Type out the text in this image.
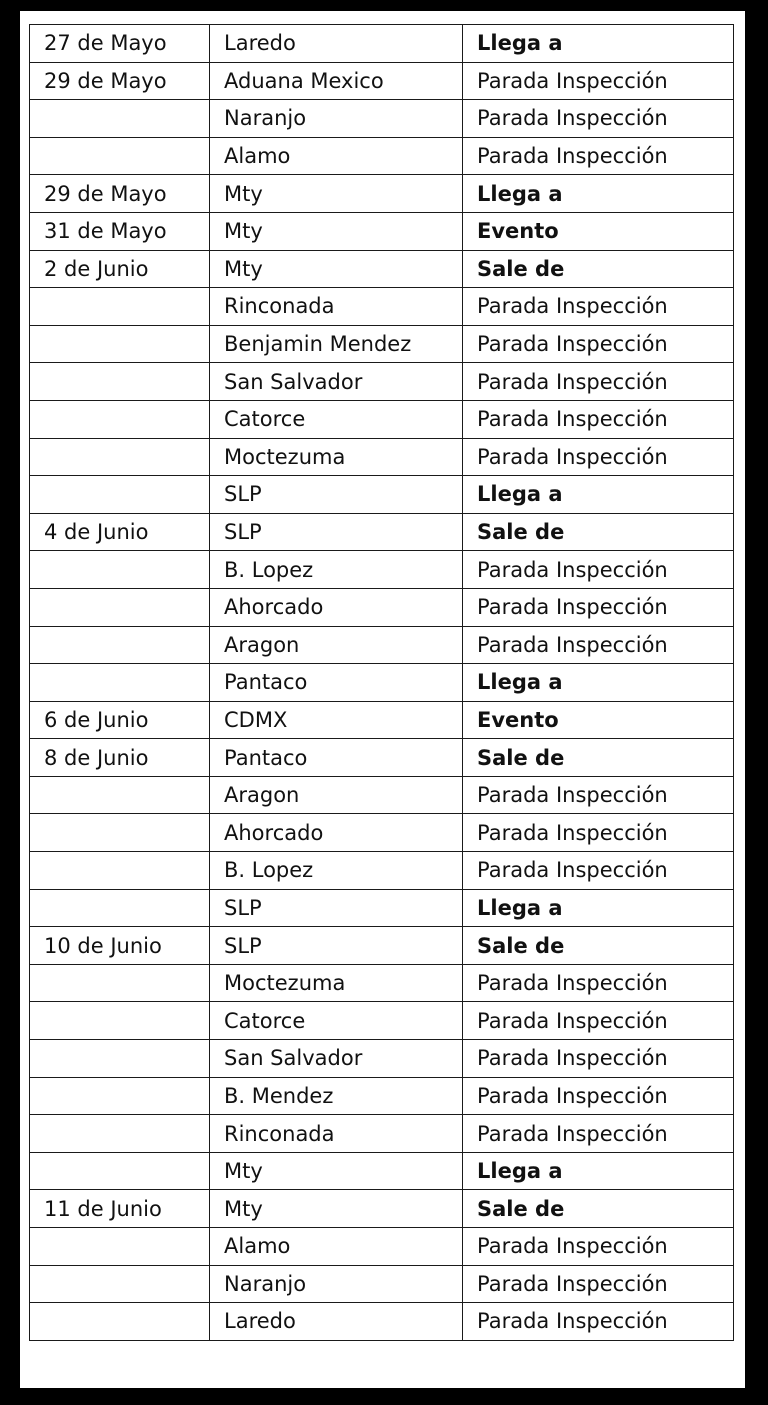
27 de Mayo	Laredo	Llega a
29 de Mayo	Aduana Mexico	Parada Inspección
	Naranjo	Parada Inspección
	Alamo	Parada Inspección
29 de Mayo	Mty	Llega a
31 de Mayo	Mty	Evento
2 de Junio	Mty	Sale de
	Rinconada	Parada Inspección
	Benjamin Mendez	Parada Inspección
	San Salvador	Parada Inspección
	Catorce	Parada Inspección
	Moctezuma	Parada Inspección
	SLP	Llega a
4 de Junio	SLP	Sale de
	B. Lopez	Parada Inspección
	Ahorcado	Parada Inspección
	Aragon	Parada Inspección
	Pantaco	Llega a
6 de Junio	CDMX	Evento
8 de Junio	Pantaco	Sale de
	Aragon	Parada Inspección
	Ahorcado	Parada Inspección
	B. Lopez	Parada Inspección
	SLP	Llega a
10 de Junio	SLP	Sale de
	Moctezuma	Parada Inspección
	Catorce	Parada Inspección
	San Salvador	Parada Inspección
	B. Mendez	Parada Inspección
	Rinconada	Parada Inspección
	Mty	Llega a
11 de Junio	Mty	Sale de
	Alamo	Parada Inspección
	Naranjo	Parada Inspección
	Laredo	Parada Inspección
